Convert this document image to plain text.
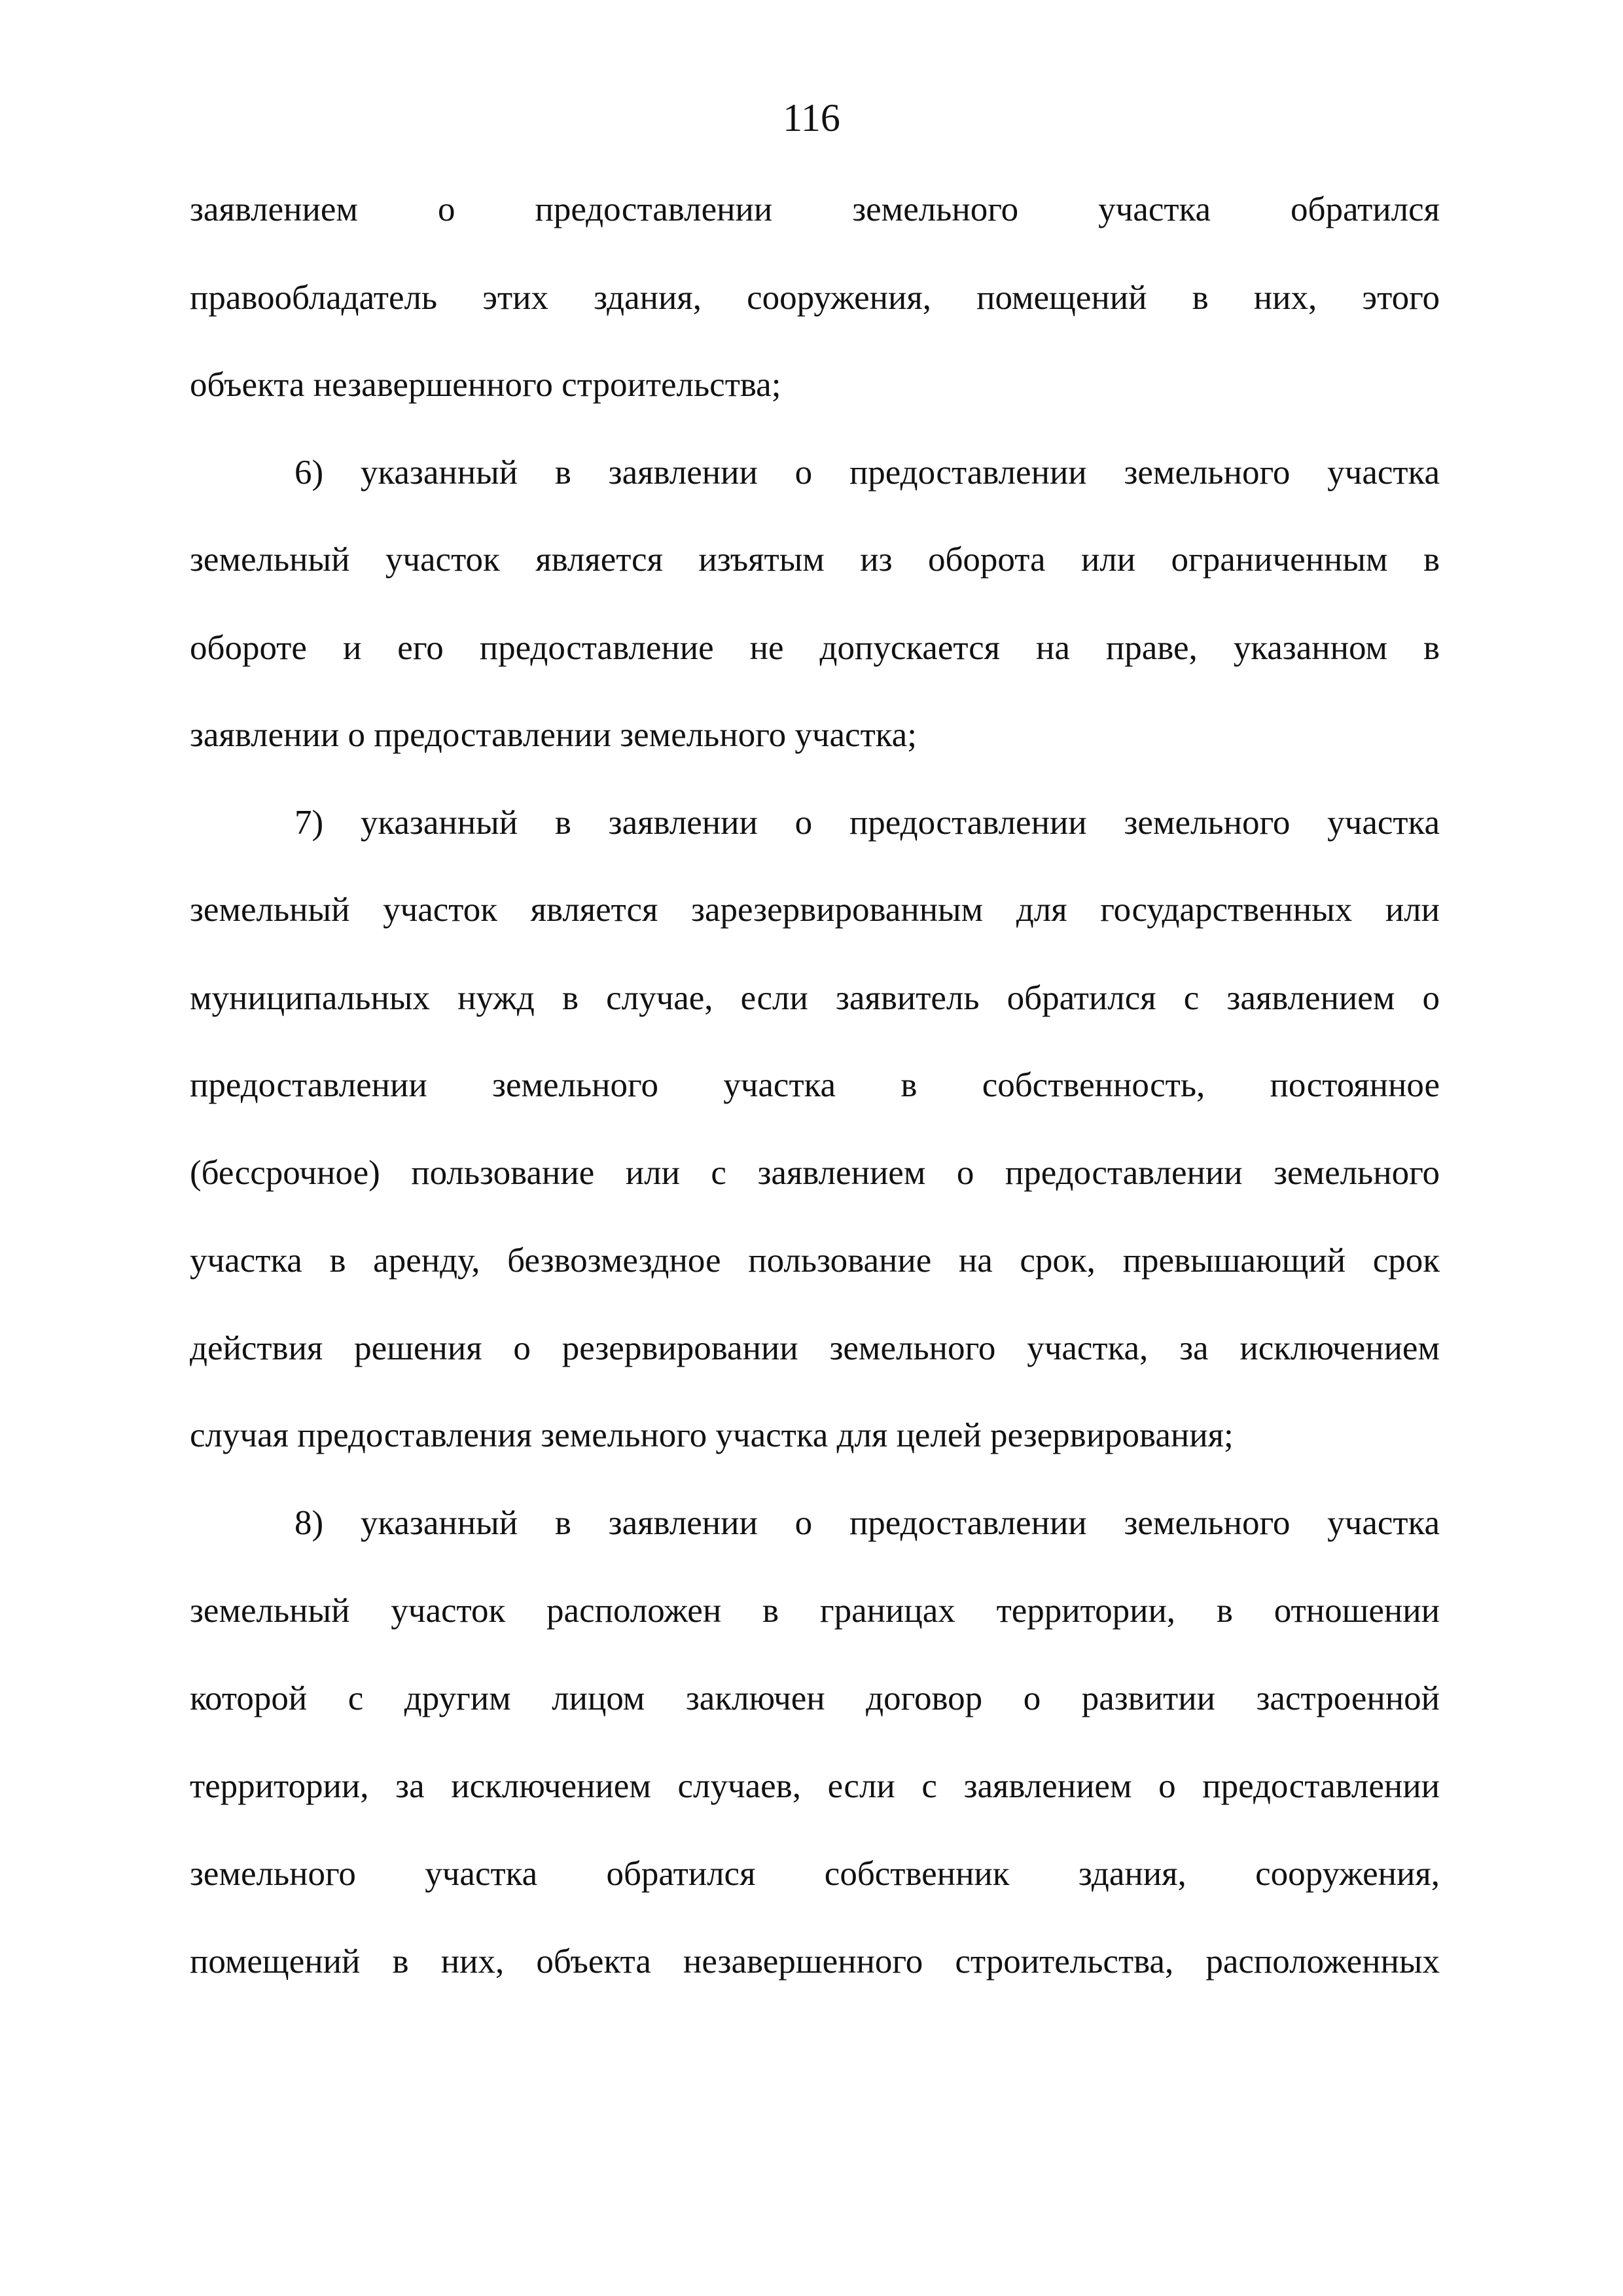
116
заявлением о предоставлении земельного участка обратился
правообладатель этих здания, сооружения, помещений в них, этого
объекта незавершенного строительства;
6) указанный в заявлении о предоставлении земельного участка
земельный участок является изъятым из оборота или ограниченным в
обороте и его предоставление не допускается на праве, указанном в
заявлении о предоставлении земельного участка;
7) указанный в заявлении о предоставлении земельного участка
земельный участок является зарезервированным для государственных или
муниципальных нужд в случае, если заявитель обратился с заявлением о
предоставлении земельного участка в собственность, постоянное
(бессрочное) пользование или с заявлением о предоставлении земельного
участка в аренду, безвозмездное пользование на срок, превышающий срок
действия решения о резервировании земельного участка, за исключением
случая предоставления земельного участка для целей резервирования;
8) указанный в заявлении о предоставлении земельного участка
земельный участок расположен в границах территории, в отношении
которой с другим лицом заключен договор о развитии застроенной
территории, за исключением случаев, если с заявлением о предоставлении
земельного участка обратился собственник здания, сооружения,
помещений в них, объекта незавершенного строительства, расположенных
